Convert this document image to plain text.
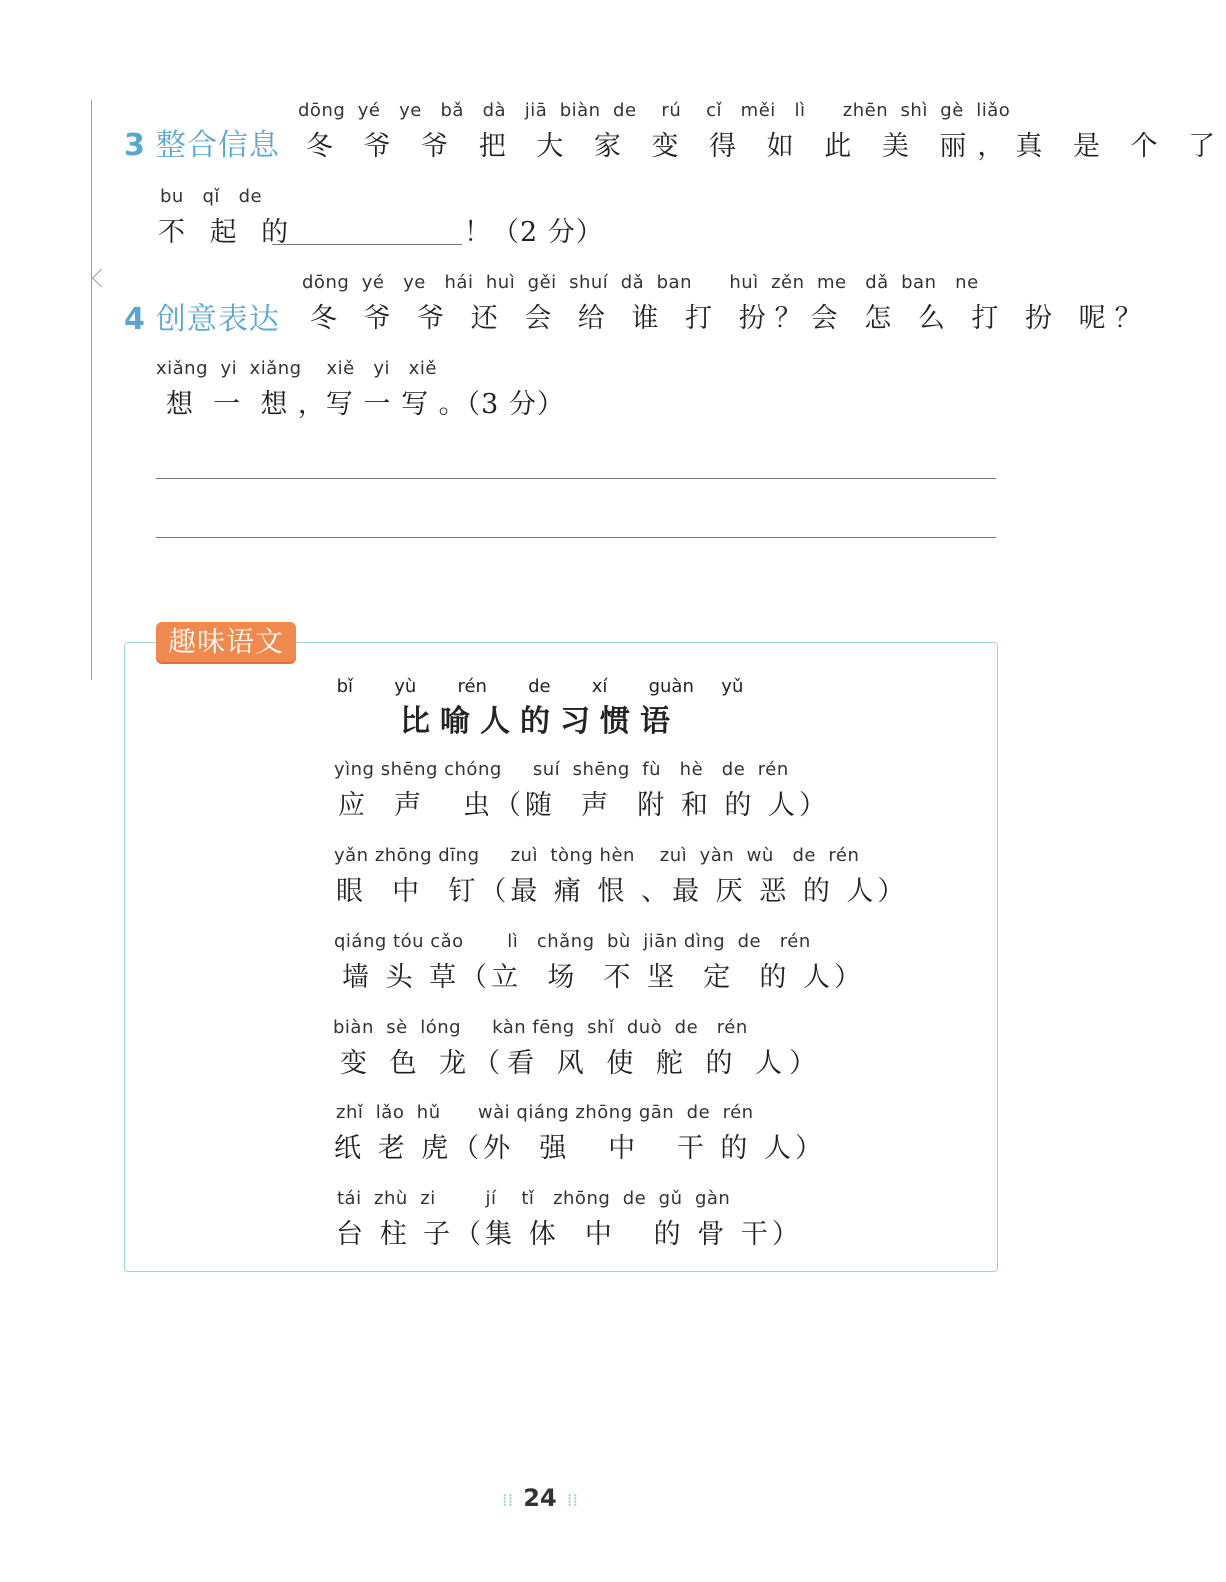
3 整合信息
dōng  yé   ye   bǎ   dà   jiā  biàn  de    rú    cǐ   měi   lì      zhēn  shì  gè  liǎo
冬 爷 爷 把 大 家 变 得 如 此 美 丽，真 是 个 了
bu   qǐ   de
不 起 的	！（2 分）
4 创意表达
dōng  yé   ye   hái  huì  gěi  shuí  dǎ  ban      huì  zěn  me   dǎ  ban   ne
冬 爷 爷 还 会 给 谁 打 扮？会 怎 么 打 扮 呢？
xiǎng  yi  xiǎng    xiě   yi   xiě
想  一  想 ，写 一 写 。（3 分）
趣味语文
bǐ   yù   rén   de   xí   guàn  yǔ
比喻人的习惯语
yìng shēng chóng     suí  shēng  fù   hè   de  rén
应  声   虫（随  声  附 和 的 人）
yǎn zhōng dīng     zuì  tòng hèn    zuì  yàn  wù   de  rén
眼  中  钉（最 痛 恨 、最 厌 恶 的 人）
qiáng tóu cǎo       lì   chǎng  bù  jiān dìng  de   rén
墙 头 草（立  场  不 坚  定  的 人）
biàn  sè  lóng     kàn fēng  shǐ  duò  de   rén
变 色 龙（看 风 使 舵 的 人）
zhǐ  lǎo  hǔ      wài qiáng zhōng gān  de  rén
纸 老 虎（外  强   中   干 的 人）
tái  zhù  zi        jí    tǐ   zhōng  de  gǔ  gàn
台 柱 子（集 体  中   的 骨 干）
⁞⁞ 24 ⁞⁞
